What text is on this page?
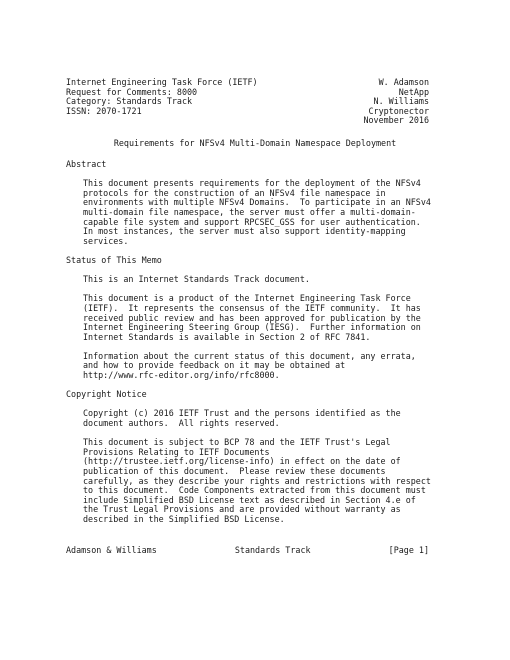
Internet Engineering Task Force (IETF)	W. Adamson
Request for Comments: 8000	NetApp
Category: Standards Track	N. Williams
ISSN: 2070-1721	Cryptonector
November 2016
Requirements for NFSv4 Multi-Domain Namespace Deployment
Abstract
This document presents requirements for the deployment of the NFSv4
protocols for the construction of an NFSv4 file namespace in
environments with multiple NFSv4 Domains.  To participate in an NFSv4
multi-domain file namespace, the server must offer a multi-domain-
capable file system and support RPCSEC_GSS for user authentication.
In most instances, the server must also support identity-mapping
services.
Status of This Memo
This is an Internet Standards Track document.
This document is a product of the Internet Engineering Task Force
(IETF).  It represents the consensus of the IETF community.  It has
received public review and has been approved for publication by the
Internet Engineering Steering Group (IESG).  Further information on
Internet Standards is available in Section 2 of RFC 7841.
Information about the current status of this document, any errata,
and how to provide feedback on it may be obtained at
http://www.rfc-editor.org/info/rfc8000.
Copyright Notice
Copyright (c) 2016 IETF Trust and the persons identified as the
document authors.  All rights reserved.
This document is subject to BCP 78 and the IETF Trust's Legal
Provisions Relating to IETF Documents
(http://trustee.ietf.org/license-info) in effect on the date of
publication of this document.  Please review these documents
carefully, as they describe your rights and restrictions with respect
to this document.  Code Components extracted from this document must
include Simplified BSD License text as described in Section 4.e of
the Trust Legal Provisions and are provided without warranty as
described in the Simplified BSD License.
Adamson & Williams	Standards Track	[Page 1]
